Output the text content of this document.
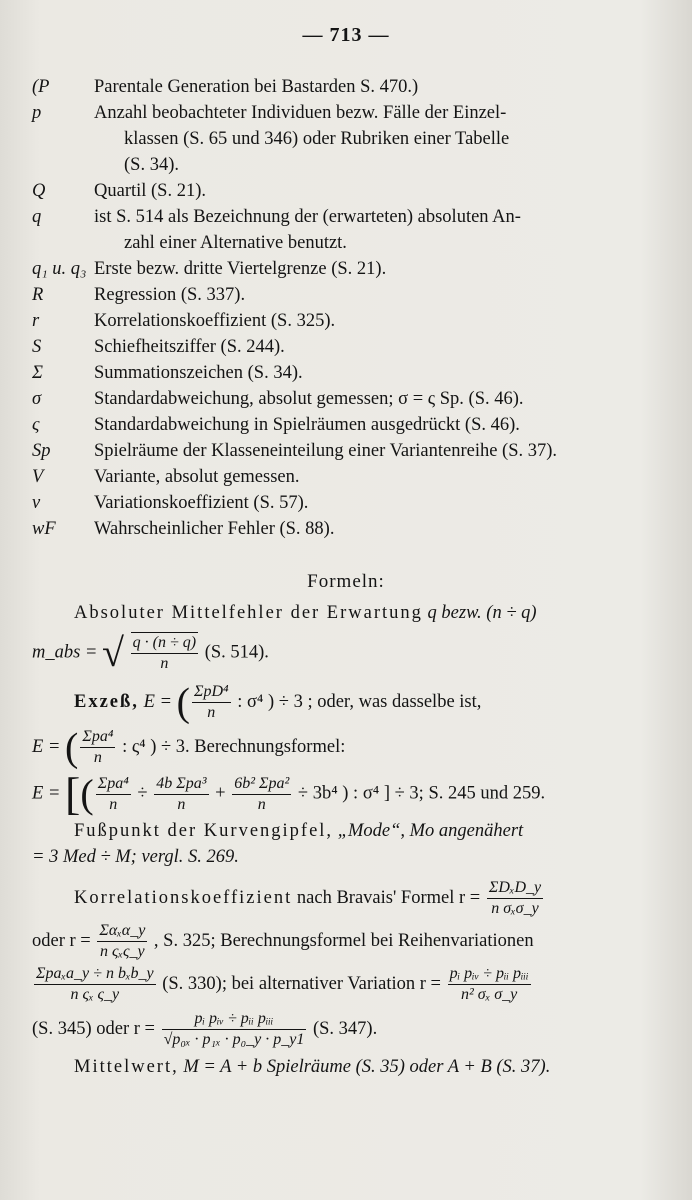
— 713 —
(P	Parentale Generation bei Bastarden S. 470.)
p	Anzahl beobachteter Individuen bezw. Fälle der Einzel-
klassen (S. 65 und 346) oder Rubriken einer Tabelle
(S. 34).
Q	Quartil (S. 21).
q	ist S. 514 als Bezeichnung der (erwarteten) absoluten An-
zahl einer Alternative benutzt.
q₁ u. q₃ Erste bezw. dritte Viertelgrenze (S. 21).
R	Regression (S. 337).
r	Korrelationskoeffizient (S. 325).
S	Schiefheitsziffer (S. 244).
Σ	Summationszeichen (S. 34).
σ	Standardabweichung, absolut gemessen; σ = ς Sp. (S. 46).
ς	Standardabweichung in Spielräumen ausgedrückt (S. 46).
Sp	Spielräume der Klasseneinteilung einer Variantenreihe (S. 37).
V	Variante, absolut gemessen.
v	Variationskoeffizient (S. 57).
wF	Wahrscheinlicher Fehler (S. 88).
Formeln:
Absoluter Mittelfehler der Erwartung q bezw. (n ÷ q)
m_abs = √ $\frac{q \cdot (n \div q)}{n} (S$. 514).
Exzeß, E = ( $\frac{\text{ΣpD⁴}}{n}$ : σ⁴ ) ÷ 3 ; oder, was dasselbe ist,
E = ( $\frac{\text{Σpa⁴}}{n}$ : ς⁴ ) ÷ 3. Berechnungsformel:
E = [( $\frac{\text{Σpa⁴}}{n} \div \frac{\text{4b Σpa³}}{n} + \frac{\text{6b² Σpa²}}{n} \div 3b^4$ ) : σ⁴ ] ÷ 3; S. 245 und 259.
Fußpunkt der Kurvengipfel, „Mode“, Mo angenähert
= 3 Med ÷ M; vergl. S. 269.
Korrelationskoeffizient nach Bravais' Formel $r = \frac{\text{ΣDₓD\_y}}{\text{n σₓσ\_y}}$
oder $r = \frac{\text{Σαₓα\_y}}{\text{n ςₓς\_y}}$ , S. 325; Berechnungsformel bei Reihenvariationen
$\frac{\text{Σpaₓa\_y ÷ n bₓb\_y}}{\text{n ςₓ ς\_y}} (S$. 330); bei alternativer Variation $r = \frac{\text{pᵢ pᵢᵥ ÷ pᵢᵢ pᵢᵢᵢ}}{\text{n² σₓ σ\_y}}$
(S. 345) oder $r = \frac{\text{pᵢ pᵢᵥ ÷ pᵢᵢ pᵢᵢᵢ}}{\text{√p₀ₓ · p₁ₓ · p₀\_y · p\_y1}} (S$. 347).
Mittelwert, M = A + b Spielräume (S. 35) oder A + B (S. 37).
